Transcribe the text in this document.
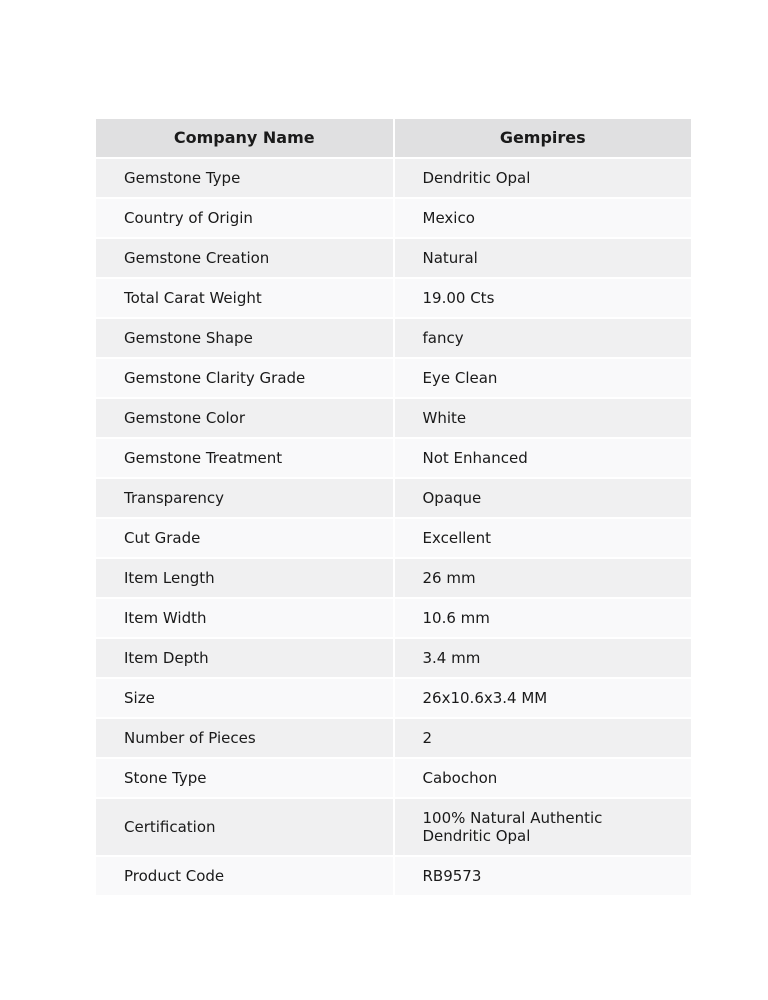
Company Name	Gempires
Gemstone Type	Dendritic Opal
Country of Origin	Mexico
Gemstone Creation	Natural
Total Carat Weight	19.00 Cts
Gemstone Shape	fancy
Gemstone Clarity Grade	Eye Clean
Gemstone Color	White
Gemstone Treatment	Not Enhanced
Transparency	Opaque
Cut Grade	Excellent
Item Length	26 mm
Item Width	10.6 mm
Item Depth	3.4 mm
Size	26x10.6x3.4 MM
Number of Pieces	2
Stone Type	Cabochon
Certification	100% Natural Authentic Dendritic Opal
Product Code	RB9573
